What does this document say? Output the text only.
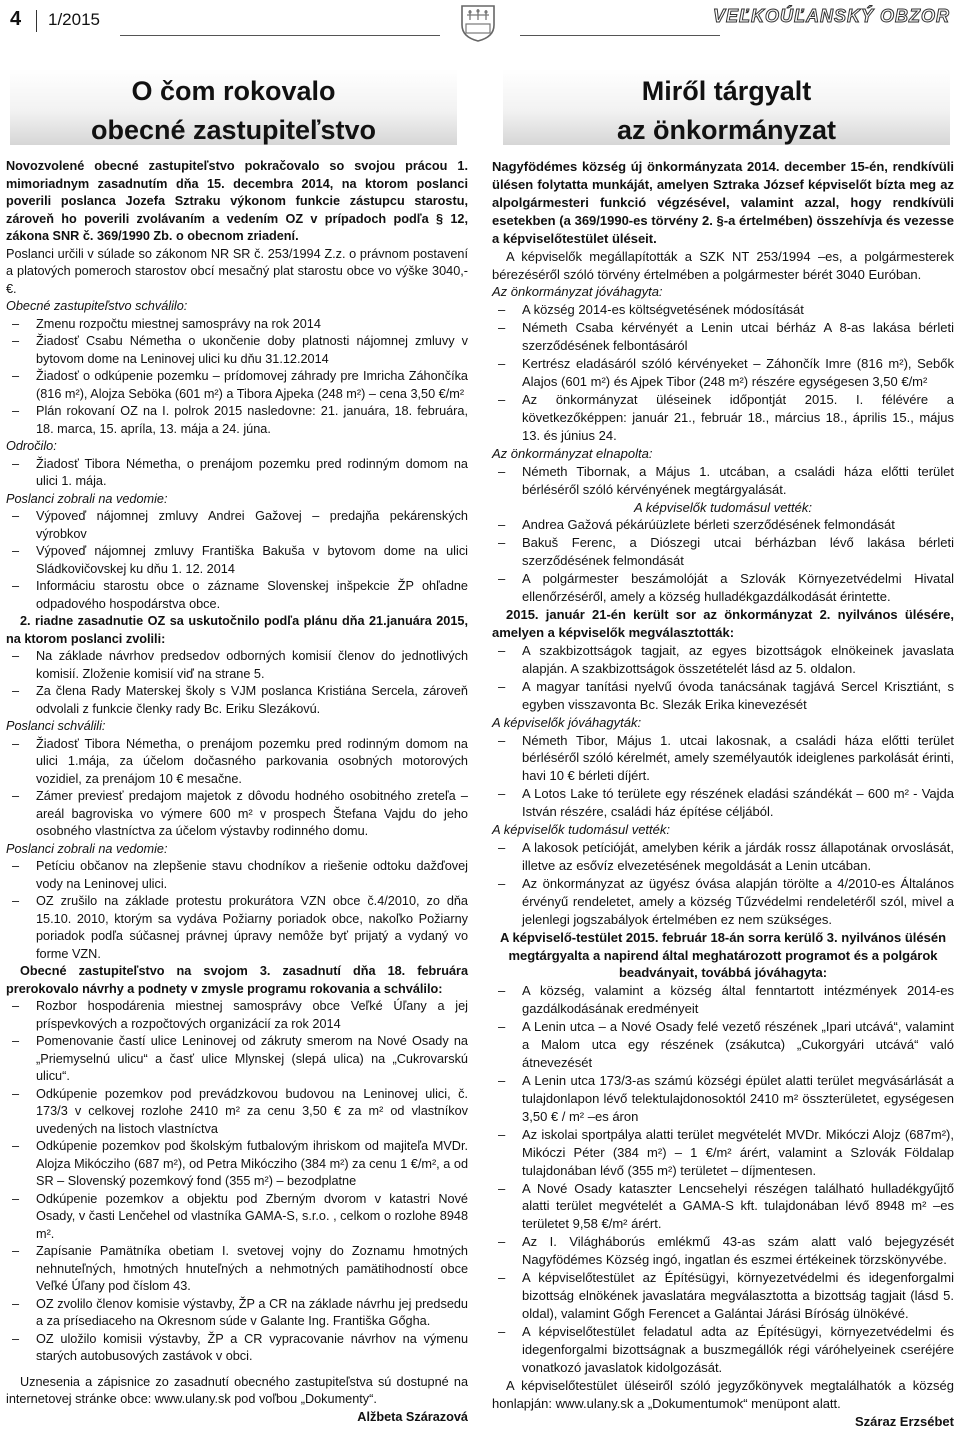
4 1/2015	VEĽKOÚĽANSKÝ OBZOR
O čom rokovalo
obecné zastupiteľstvo
Miről tárgyalt
az önkormányzat

Novozvolené obecné zastupiteľstvo pokračovalo so svojou prácou 1. mimoriadnym zasadnutím dňa 15. decembra 2014, na ktorom poslanci poverili poslanca Jozefa Sztraku výkonom funkcie zástupcu starostu, zároveň ho poverili zvolávaním a vedením OZ v prípadoch podľa § 12, zákona SNR č. 369/1990 Zb. o obecnom zriadení.

Poslanci určili v súlade so zákonom NR SR č. 253/1994 Z.z. o právnom postavení a platových pomeroch starostov obcí mesačný plat starostu obce vo výške 3040,- €.

Obecné zastupiteľstvo schválilo:

– Zmenu rozpočtu miestnej samosprávy na rok 2014
– Žiadosť Csabu Németha o ukončenie doby platnosti nájomnej zmluvy v bytovom dome na Leninovej ulici ku dňu 31.12.2014
– Žiadosť o odkúpenie pozemku – prídomovej záhrady pre Imricha Záhončíka (816 m²), Alojza Seböka (601 m²) a Tibora Ajpeka (248 m²) – cena 3,50 €/m²
– Plán rokovaní OZ na I. polrok 2015 nasledovne: 21. januára, 18. februára, 18. marca, 15. apríla, 13. mája a 24. júna.

Odročilo:

– Žiadosť Tibora Németha, o prenájom pozemku pred rodinným domom na ulici 1. mája.

Poslanci zobrali na vedomie:

– Výpoveď nájomnej zmluvy Andrei Gažovej – predajňa pekárenských výrobkov
– Výpoveď nájomnej zmluvy Františka Bakuša v bytovom dome na ulici Sládkovičovskej ku dňu 1. 12. 2014
– Informáciu starostu obce o zázname Slovenskej inšpekcie ŽP ohľadne odpadového hospodárstva obce.

2. riadne zasadnutie OZ sa uskutočnilo podľa plánu dňa 21.januára 2015, na ktorom poslanci zvolili:

– Na základe návrhov predsedov odborných komisií členov do jednotlivých komisií. Zloženie komisií viď na strane 5.
– Za člena Rady Materskej školy s VJM poslanca Kristiána Sercela, zároveň odvolali z funkcie členky rady Bc. Eriku Slezákovú.

Poslanci schválili:

– Žiadosť Tibora Németha, o prenájom pozemku pred rodinným domom na ulici 1.mája, za účelom dočasného parkovania osobných motorových vozidiel, za prenájom 10 € mesačne.
– Zámer previesť predajom majetok z dôvodu hodného osobitného zreteľa – areál bagroviska vo výmere 600 m² v prospech Štefana Vajdu do jeho osobného vlastníctva za účelom výstavby rodinného domu.

Poslanci zobrali na vedomie:

– Petíciu občanov na zlepšenie stavu chodníkov a riešenie odtoku dažďovej vody na Leninovej ulici.
– OZ zrušilo na základe protestu prokurátora VZN obce č.4/2010, zo dňa 15.10. 2010, ktorým sa vydáva Požiarny poriadok obce, nakoľko Požiarny poriadok podľa súčasnej právnej úpravy nemôže byť prijatý a vydaný vo forme VZN.

Obecné zastupiteľstvo na svojom 3. zasadnutí dňa 18. februára prerokovalo návrhy a podnety v zmysle programu rokovania a schválilo:

– Rozbor hospodárenia miestnej samosprávy obce Veľké Úľany a jej príspevkových a rozpočtových organizácií za rok 2014
– Pomenovanie častí ulice Leninovej od zákruty smerom na Nové Osady na „Priemyselnú ulicu“ a časť ulice Mlynskej (slepá ulica) na „Cukrovarskú ulicu“.
– Odkúpenie pozemkov pod prevádzkovou budovou na Leninovej ulici, č. 173/3 v celkovej rozlohe 2410 m² za cenu 3,50 € za m² od vlastníkov uvedených na listoch vlastníctva
– Odkúpenie pozemkov pod školským futbalovým ihriskom od majiteľa MVDr. Alojza Mikócziho (687 m²), od Petra Mikócziho (384 m²) za cenu 1 €/m², a od SR – Slovenský pozemkový fond (355 m²) – bezodplatne
– Odkúpenie pozemkov a objektu pod Zberným dvorom v katastri Nové Osady, v časti Lenčehel od vlastníka GAMA-S, s.r.o. , celkom o rozlohe 8948 m².
– Zapísanie Pamätníka obetiam I. svetovej vojny do Zoznamu hmotných nehnuteľných, hmotných hnuteľných a nehmotných pamätihodností obce Veľké Úľany pod číslom 43.
– OZ zvolilo členov komisie výstavby, ŽP a CR na základe návrhu jej predsedu a za prísediaceho na Okresnom súde v Galante Ing. Františka Gőgha.
– OZ uložilo komisii výstavby, ŽP a CR vypracovanie návrhov na výmenu starých autobusových zastávok v obci.

Uznesenia a zápisnice zo zasadnutí obecného zastupiteľstva sú dostupné na internetovej stránke obce: www.ulany.sk pod voľbou „Dokumenty“.

Alžbeta Szárazová

Nagyfödémes község új önkormányzata 2014. december 15-én, rendkívüli ülésen folytatta munkáját, amelyen Sztraka József képviselőt bízta meg az alpolgármesteri funkció végzésével, valamint azzal, hogy rendkívüli esetekben (a 369/1990-es törvény 2. §-a értelmében) összehívja és vezesse a képviselőtestület üléseit.

A képviselők megállapították a SZK NT 253/1994 –es, a polgármesterek bérezéséről szóló törvény értelmében a polgármester bérét 3040 Euróban.

Az önkormányzat jóváhagyta:

– A község 2014-es költségvetésének módosítását
– Németh Csaba kérvényét a Lenin utcai bérház A 8-as lakása bérleti szerződésének felbontásáról
– Kertrész eladásáról szóló kérvényeket – Záhončík Imre (816 m²), Sebők Alajos (601 m²) és Ajpek Tibor (248 m²) részére egységesen 3,50 €/m²
– Az önkormányzat üléseinek időpontját 2015. I. félévére a következőképpen: január 21., február 18., március 18., április 15., május 13. és június 24.

Az önkormányzat elnapolta:

– Németh Tibornak, a Május 1. utcában, a családi háza előtti terület bérléséről szóló kérvényének megtárgyalását.

A képviselők tudomásul vették:

– Andrea Gažová pékárúüzlete bérleti szerződésének felmondását
– Bakuš Ferenc, a Diószegi utcai bérházban lévő lakása bérleti szerződésének felmondását
– A polgármester beszámolóját a Szlovák Környezetvédelmi Hivatal ellenőrzéséről, amely a község hulladékgazdálkodását érintette.

2015. január 21-én került sor az önkormányzat 2. nyilvános ülésére, amelyen a képviselők megválasztották:

– A szakbizottságok tagjait, az egyes bizottságok elnökeinek javaslata alapján. A szakbizottságok összetételét lásd az 5. oldalon.
– A magyar tanítási nyelvű óvoda tanácsának tagjává Sercel Krisztiánt, s egyben visszavonta Bc. Slezák Erika kinevezését

A képviselők jóváhagyták:

– Németh Tibor, Május 1. utcai lakosnak, a családi háza előtti terület bérléséről szóló kérelmét, amely személyautók ideiglenes parkolását érinti, havi 10 € bérleti díjért.
– A Lotos Lake tó területe egy részének eladási szándékát – 600 m² - Vajda István részére, családi ház építése céljából.

A képviselők tudomásul vették:

– A lakosok petícióját, amelyben kérik a járdák rossz állapotának orvoslását, illetve az esővíz elvezetésének megoldását a Lenin utcában.
– Az önkormányzat az ügyész óvása alapján törölte a 4/2010-es Általános érvényű rendeletet, amely a község Tűzvédelmi rendeletéről szól, mivel a jelenlegi jogszabályok értelmében ez nem szükséges.

A képviselő-testület 2015. február 18-án sorra kerülő 3. nyilvános ülésén megtárgyalta a napirend által meghatározott programot és a polgárok beadványait, továbbá jóváhagyta:

– A község, valamint a község által fenntartott intézmények 2014-es gazdálkodásának eredményeit
– A Lenin utca – a Nové Osady felé vezető részének „Ipari utcává“, valamint a Malom utca egy részének (zsákutca) „Cukorgyári utcává“ való átnevezését
– A Lenin utca 173/3-as számú községi épület alatti terület megvásárlását a tulajdonlapon lévő telektulajdonosoktól 2410 m² összterületet, egységesen 3,50 € / m² –es áron
– Az iskolai sportpálya alatti terület megvételét MVDr. Mikóczi Alojz (687m²), Mikóczi Péter (384 m²) – 1 €/m² árért, valamint a Szlovák Földalap tulajdonában lévő (355 m²) területet – díjmentesen.
– A Nové Osady kataszter Lencsehelyi részégen található hulladékgyűjtő alatti terület megvételét a GAMA-S kft. tulajdonában lévő 8948 m² –es területet 9,58 €/m² árért.
– Az I. Világháborús emlékmű 43-as szám alatt való bejegyzését Nagyfödémes Község ingó, ingatlan és eszmei értékeinek törzskönyvébe.
– A képviselőtestület az Építésügyi, környezetvédelmi és idegenforgalmi bizottság elnökének javaslatára megválasztotta a bizottság tagjait (lásd 5. oldal), valamint Gőgh Ferencet a Galántai Járási Bíróság ülnökévé.
– A képviselőtestület feladatul adta az Építésügyi, környezetvédelmi és idegenforgalmi bizottságnak a buszmegállók régi váróhelyeinek cseréjére vonatkozó javaslatok kidolgozását.

A képviselőtestület üléseiről szóló jegyzőkönyvek megtalálhatók a község honlapján: www.ulany.sk a „Dokumentumok“ menüpont alatt.

Száraz Erzsébet
